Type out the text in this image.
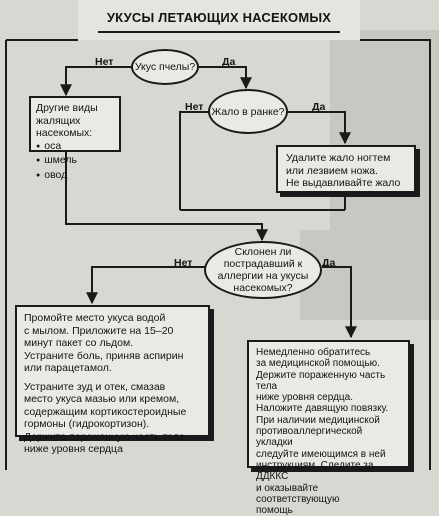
УКУСЫ ЛЕТАЮЩИХ НАСЕКОМЫХ
Укус пчелы?
Нет	Да
Жало в ранке?
Нет	Да
Другие виды жалящих
насекомых:
● оса
● шмель
● овод
Удалите жало ногтем
или лезвием ножа.
Не выдавливайте жало
Склонен ли
пострадавший к
аллергии на укусы
насекомых?
Нет	Да

Промойте место укуса водой
с мылом. Приложите на 15–20
минут пакет со льдом.
Устраните боль, приняв аспирин
или парацетамол.

Устраните зуд и отек, смазав
место укуса мазью или кремом,
содержащим кортикостероидные
гормоны (гидрокортизон).
Держите пораженную часть тела
ниже уровня сердца

Немедленно обратитесь
за медицинской помощью.
Держите пораженную часть тела
ниже уровня сердца.
Наложите давящую повязку.
При наличии медицинской
противоаллергической укладки
следуйте имеющимся в ней
инструкциям. Следите за ДДККС
и оказывайте соответствующую
помощь
